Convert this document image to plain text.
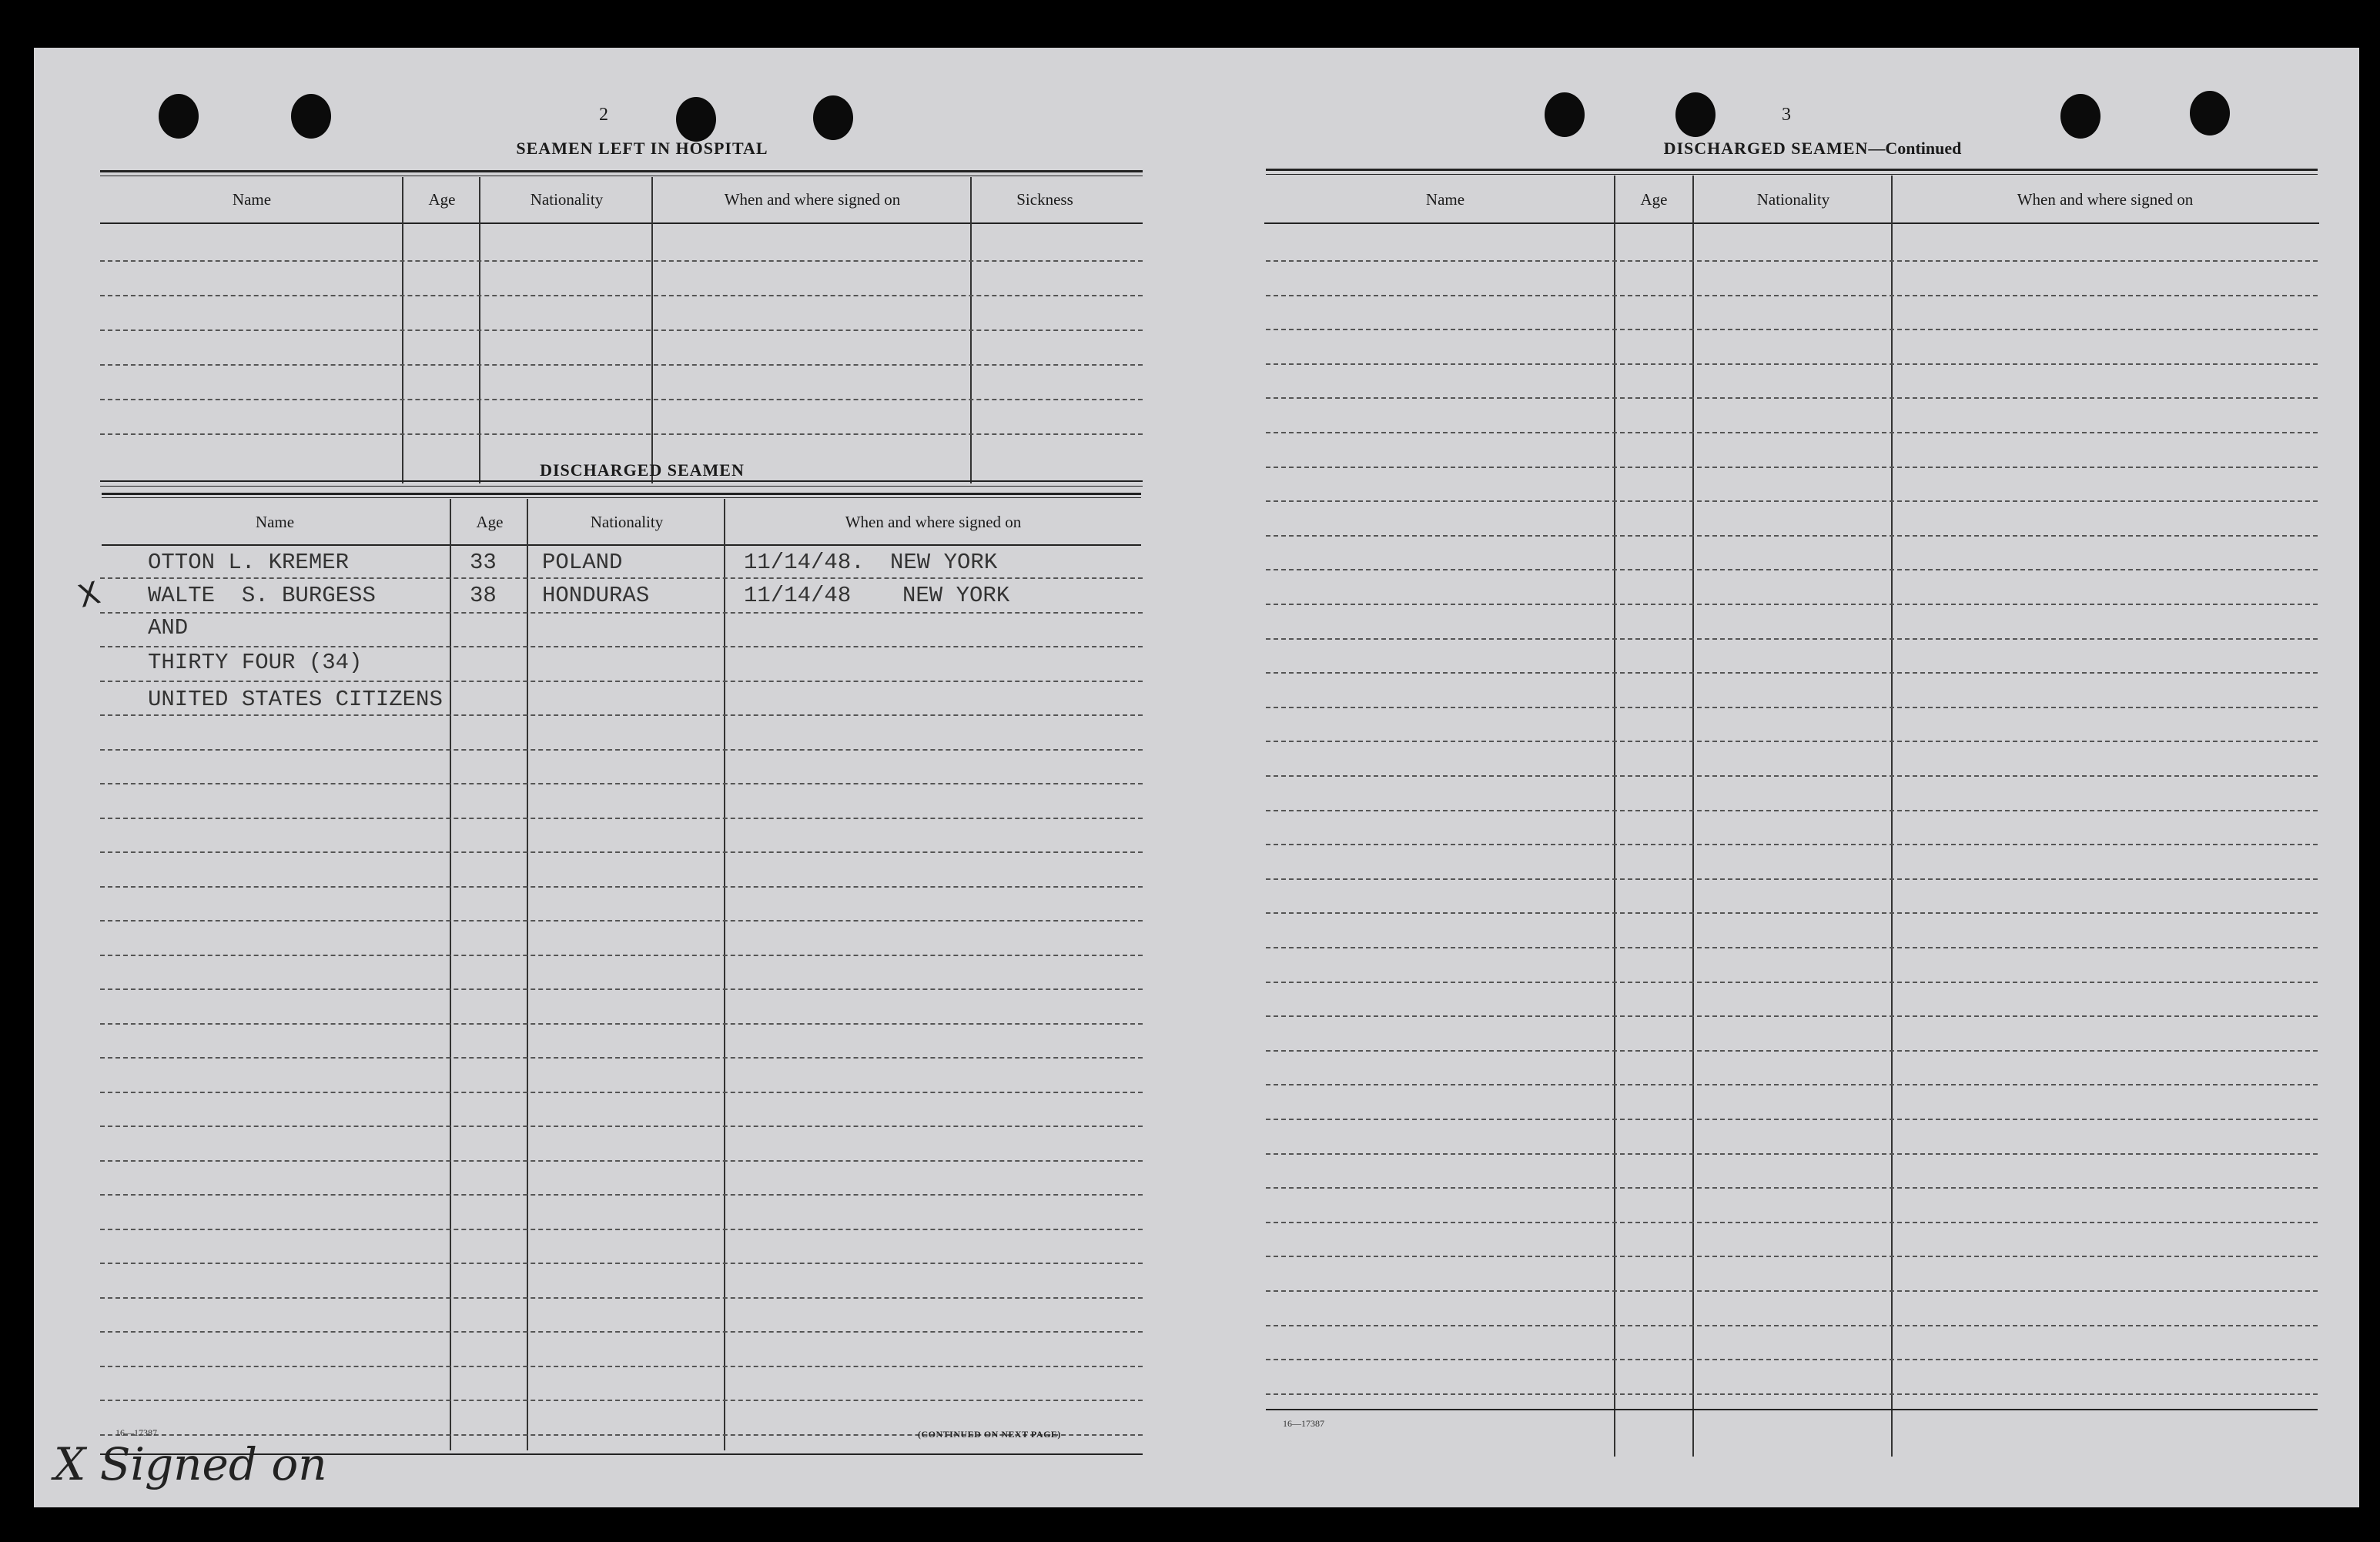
2
SEAMEN LEFT IN HOSPITAL
Name	Age	Nationality	When and where signed on	Sickness
DISCHARGED SEAMEN
Name	Age	Nationality	When and where signed on
OTTON L. KREMER	33 POLAND	11/14/48. NEW YORK
X WALTE  S. BURGESS	38 HONDURAS	11/14/48 NEW YORK
AND
THIRTY FOUR (34)
UNITED STATES CITIZENS
16—17387	(CONTINUED ON NEXT PAGE)
X Signed on
3
DISCHARGED SEAMEN—Continued
Name	Age	Nationality	When and where signed on
16—17387
